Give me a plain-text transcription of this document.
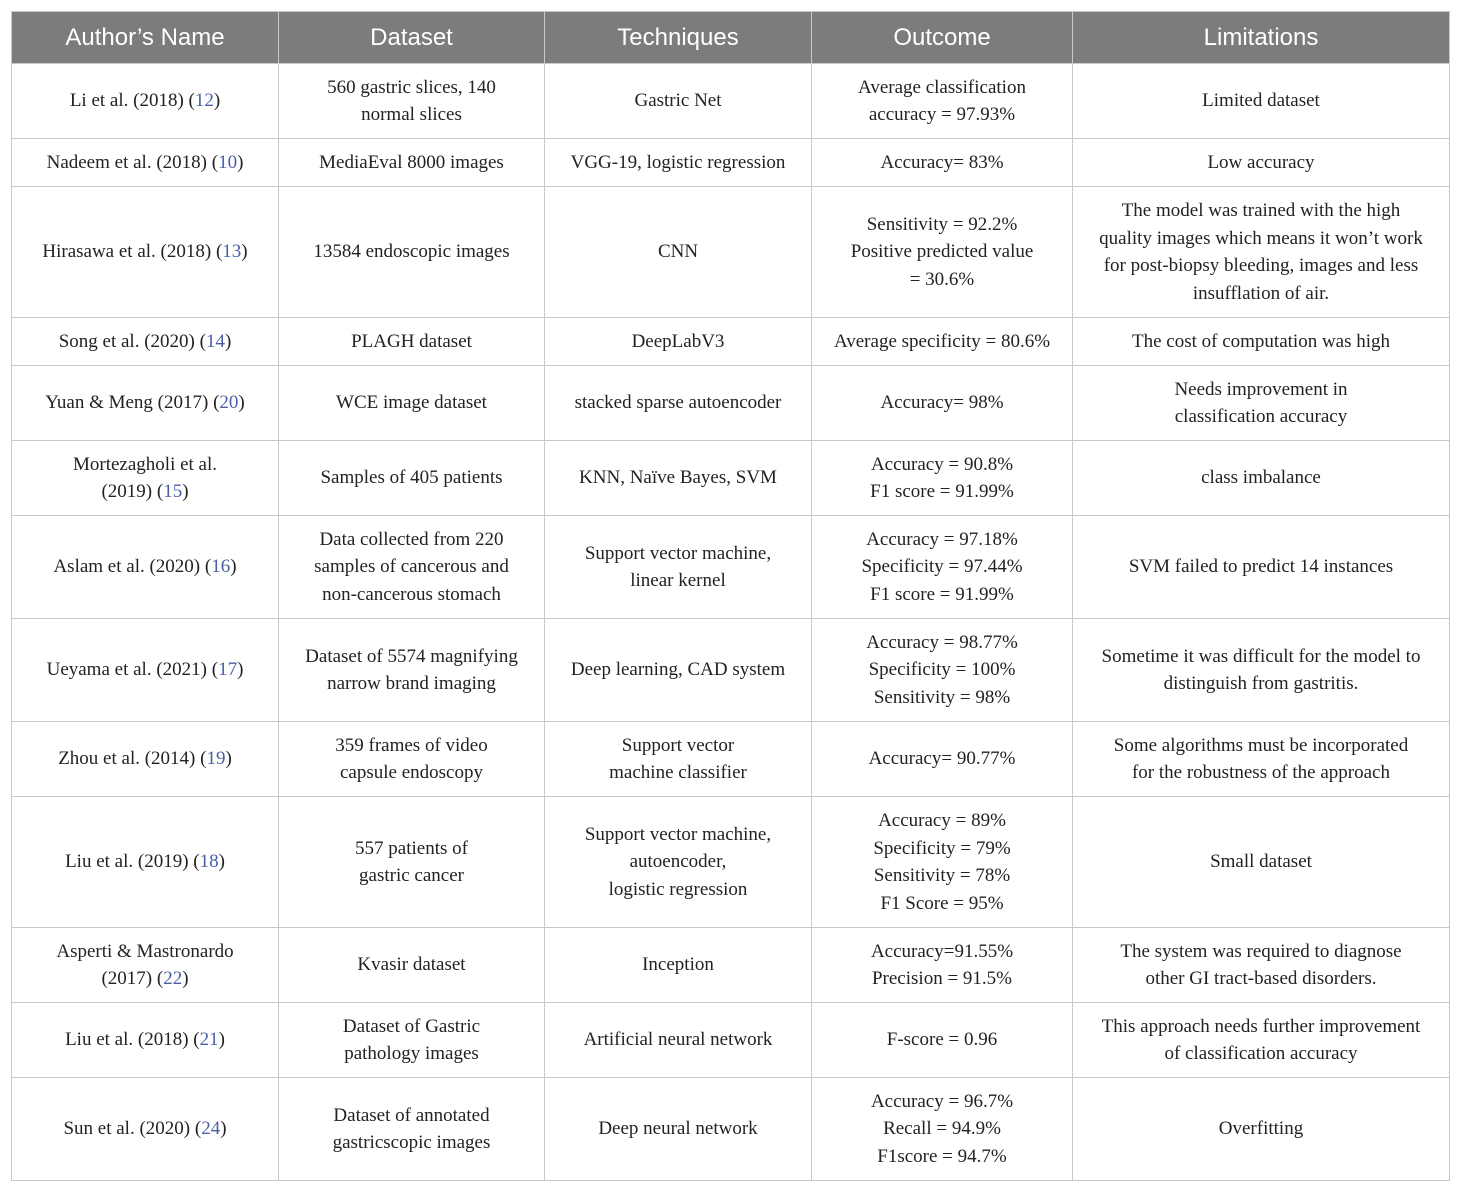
Author’s Name	Dataset	Techniques	Outcome	Limitations

Li et al. (2018) (12)	560 gastric slices, 140
normal slices	Gastric Net	Average classification
accuracy = 97.93%	Limited dataset

Nadeem et al. (2018) (10)	MediaEval 8000 images	VGG-19, logistic regression	Accuracy= 83%	Low accuracy

Hirasawa et al. (2018) (13)	13584 endoscopic images	CNN	Sensitivity = 92.2%
Positive predicted value
= 30.6%	The model was trained with the high
quality images which means it won’t work
for post-biopsy bleeding, images and less
insufflation of air.

Song et al. (2020) (14)	PLAGH dataset	DeepLabV3	Average specificity = 80.6%	The cost of computation was high

Yuan & Meng (2017) (20)	WCE image dataset	stacked sparse autoencoder	Accuracy= 98%	Needs improvement in
classification accuracy

Mortezagholi et al.
(2019) (15)	Samples of 405 patients	KNN, Naïve Bayes, SVM	Accuracy = 90.8%
F1 score = 91.99%	class imbalance

Aslam et al. (2020) (16)	Data collected from 220
samples of cancerous and
non-cancerous stomach	Support vector machine,
linear kernel	Accuracy = 97.18%
Specificity = 97.44%
F1 score = 91.99%	SVM failed to predict 14 instances

Ueyama et al. (2021) (17)	Dataset of 5574 magnifying
narrow brand imaging	Deep learning, CAD system	Accuracy = 98.77%
Specificity = 100%
Sensitivity = 98%	Sometime it was difficult for the model to
distinguish from gastritis.

Zhou et al. (2014) (19)	359 frames of video
capsule endoscopy	Support vector
machine classifier	Accuracy= 90.77%	Some algorithms must be incorporated
for the robustness of the approach

Liu et al. (2019) (18)	557 patients of
gastric cancer	Support vector machine,
autoencoder,
logistic regression	Accuracy = 89%
Specificity = 79%
Sensitivity = 78%
F1 Score = 95%	Small dataset

Asperti & Mastronardo
(2017) (22)	Kvasir dataset	Inception	Accuracy=91.55%
Precision = 91.5%	The system was required to diagnose
other GI tract-based disorders.

Liu et al. (2018) (21)	Dataset of Gastric
pathology images	Artificial neural network	F-score = 0.96	This approach needs further improvement
of classification accuracy

Sun et al. (2020) (24)	Dataset of annotated
gastricscopic images	Deep neural network	Accuracy = 96.7%
Recall = 94.9%
F1score = 94.7%	Overfitting
